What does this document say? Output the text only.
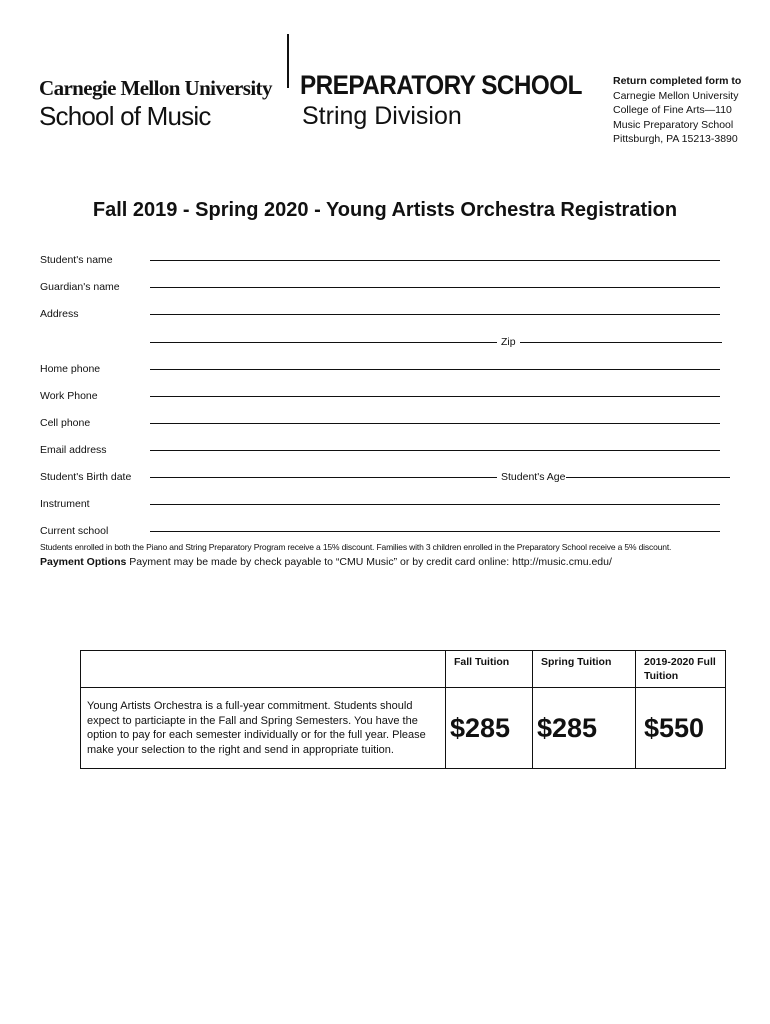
Carnegie Mellon University
School of Music
PREPARATORY SCHOOL
String Division
Return completed form to
Carnegie Mellon University
College of Fine Arts—110
Music Preparatory School
Pittsburgh, PA 15213-3890
Fall 2019 - Spring 2020 - Young Artists Orchestra Registration
Student's name
Guardian's name
Address
Zip
Home phone
Work Phone
Cell phone
Email address
Student's Birth date	Student's Age
Instrument
Current school
Students enrolled in both the Piano and String Preparatory Program receive a 15% discount. Families with 3 children enrolled in the Preparatory School receive a 5% discount.
Payment Options Payment may be made by check payable to “CMU Music” or by credit card online: http://music.cmu.edu/
	Fall Tuition	Spring Tuition	2019-2020 Full Tuition
Young Artists Orchestra is a full-year commitment. Students should expect to particiapte in the Fall and Spring Semesters. You have the option to pay for each semester individually or for the full year. Please make your selection to the right and send in appropriate tuition.	$285	$285	$550
